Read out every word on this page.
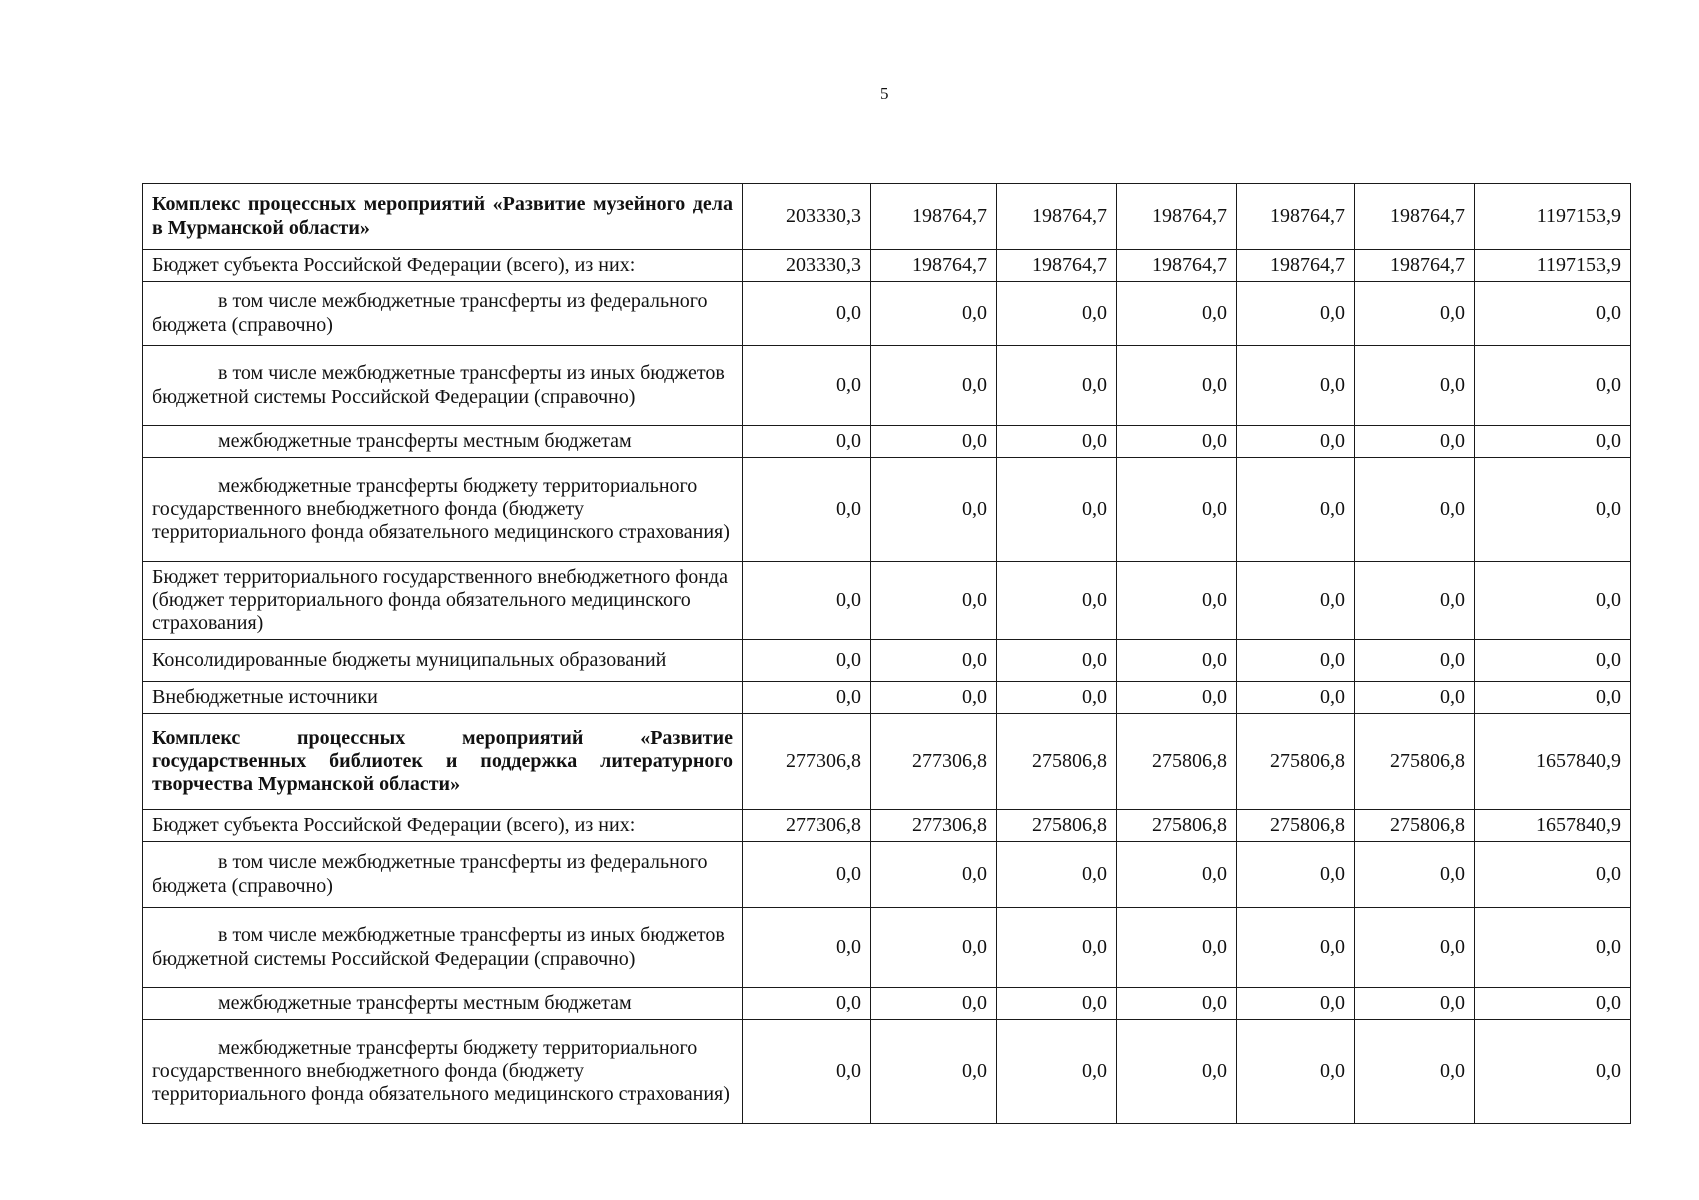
5
Комплекс процессных мероприятий «Развитие музейного дела в Мурманской области»	203330,3	198764,7	198764,7	198764,7	198764,7	198764,7	1197153,9
Бюджет субъекта Российской Федерации (всего), из них:	203330,3	198764,7	198764,7	198764,7	198764,7	198764,7	1197153,9
в том числе межбюджетные трансферты из федерального бюджета (справочно)	0,0	0,0	0,0	0,0	0,0	0,0	0,0
в том числе межбюджетные трансферты из иных бюджетов бюджетной системы Российской Федерации (справочно)	0,0	0,0	0,0	0,0	0,0	0,0	0,0
межбюджетные трансферты местным бюджетам	0,0	0,0	0,0	0,0	0,0	0,0	0,0
межбюджетные трансферты бюджету территориального государственного внебюджетного фонда (бюджету территориального фонда обязательного медицинского страхования)	0,0	0,0	0,0	0,0	0,0	0,0	0,0
Бюджет территориального государственного внебюджетного фонда (бюджет территориального фонда обязательного медицинского страхования)	0,0	0,0	0,0	0,0	0,0	0,0	0,0
Консолидированные бюджеты муниципальных образований	0,0	0,0	0,0	0,0	0,0	0,0	0,0
Внебюджетные источники	0,0	0,0	0,0	0,0	0,0	0,0	0,0
Комплекс процессных мероприятий «Развитие государственных библиотек и поддержка литературного творчества Мурманской области»	277306,8	277306,8	275806,8	275806,8	275806,8	275806,8	1657840,9
Бюджет субъекта Российской Федерации (всего), из них:	277306,8	277306,8	275806,8	275806,8	275806,8	275806,8	1657840,9
в том числе межбюджетные трансферты из федерального бюджета (справочно)	0,0	0,0	0,0	0,0	0,0	0,0	0,0
в том числе межбюджетные трансферты из иных бюджетов бюджетной системы Российской Федерации (справочно)	0,0	0,0	0,0	0,0	0,0	0,0	0,0
межбюджетные трансферты местным бюджетам	0,0	0,0	0,0	0,0	0,0	0,0	0,0
межбюджетные трансферты бюджету территориального государственного внебюджетного фонда (бюджету территориального фонда обязательного медицинского страхования)	0,0	0,0	0,0	0,0	0,0	0,0	0,0
